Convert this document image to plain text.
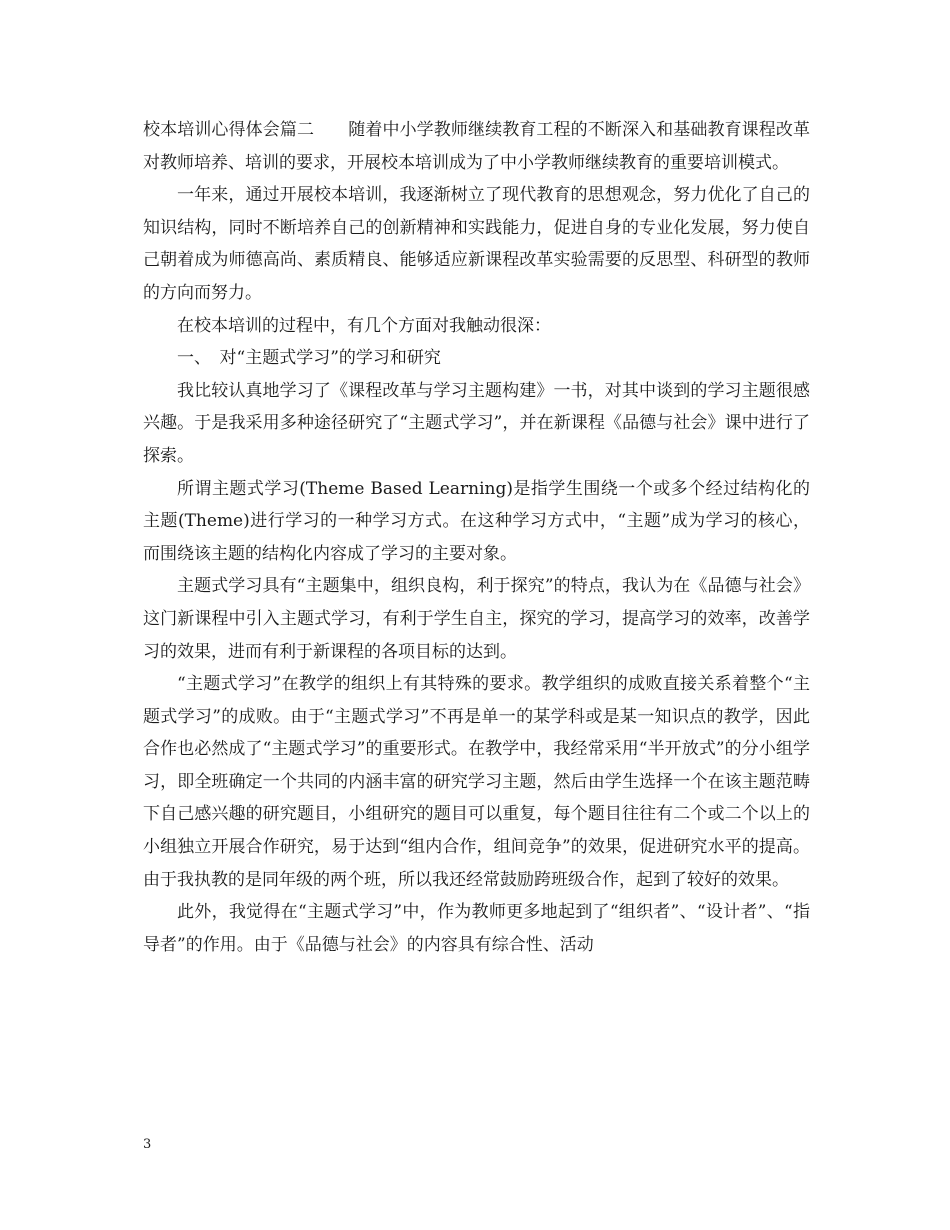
校本培训心得体会篇二　　随着中小学教师继续教育工程的不断深入和基础教育课程改革对教师培养、培训的要求，开展校本培训成为了中小学教师继续教育的重要培训模式。

一年来，通过开展校本培训，我逐渐树立了现代教育的思想观念，努力优化了自己的知识结构，同时不断培养自己的创新精神和实践能力，促进自身的专业化发展，努力使自己朝着成为师德高尚、素质精良、能够适应新课程改革实验需要的反思型、科研型的教师的方向而努力。

在校本培训的过程中，有几个方面对我触动很深：

一、　对“主题式学习”的学习和研究

我比较认真地学习了《课程改革与学习主题构建》一书，对其中谈到的学习主题很感兴趣。于是我采用多种途径研究了“主题式学习”，并在新课程《品德与社会》课中进行了探索。

所谓主题式学习(Theme Based Learning)是指学生围绕一个或多个经过结构化的主题(Theme)进行学习的一种学习方式。在这种学习方式中，“主题”成为学习的核心，而围绕该主题的结构化内容成了学习的主要对象。

主题式学习具有“主题集中，组织良构，利于探究”的特点，我认为在《品德与社会》这门新课程中引入主题式学习，有利于学生自主，探究的学习，提高学习的效率，改善学习的效果，进而有利于新课程的各项目标的达到。

“主题式学习”在教学的组织上有其特殊的要求。教学组织的成败直接关系着整个“主题式学习”的成败。由于“主题式学习”不再是单一的某学科或是某一知识点的教学，因此合作也必然成了“主题式学习”的重要形式。在教学中，我经常采用“半开放式”的分小组学习，即全班确定一个共同的内涵丰富的研究学习主题，然后由学生选择一个在该主题范畴下自己感兴趣的研究题目，小组研究的题目可以重复，每个题目往往有二个或二个以上的小组独立开展合作研究，易于达到“组内合作，组间竞争”的效果，促进研究水平的提高。由于我执教的是同年级的两个班，所以我还经常鼓励跨班级合作，起到了较好的效果。

此外，我觉得在“主题式学习”中，作为教师更多地起到了“组织者”、“设计者”、“指导者”的作用。由于《品德与社会》的内容具有综合性、活动

3
